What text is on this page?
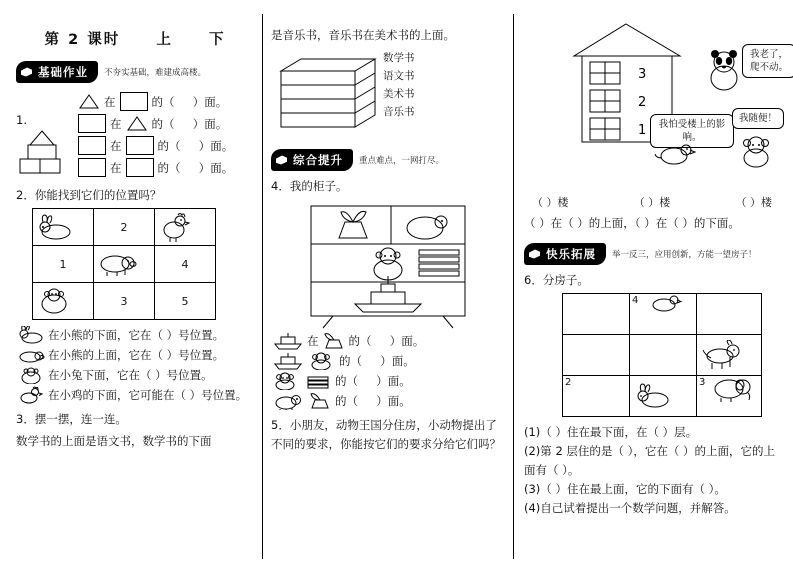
第 2 课时 上 下
基础作业	不夯实基础，难建成高楼。
1.
在	的（     ）面。
在	的（     ）面。
在	的（     ）面。
在	的（     ）面。
2．你能找到它们的位置吗？
	2	

1		4

	3	5
在小熊的下面，它在（ ）号位置。
在小熊的上面，它在（ ）号位置。
在小兔下面，它在（ ）号位置。
在小鸡的下面，它可能在（ ）号位置。
3．摆一摆，连一连。
数学书的上面是语文书，数学书的下面
是音乐书，音乐书在美术书的上面。
数学书
语文书
美术书
音乐书
综合提升	重点难点，一网打尽。
4．我的柜子。
在	的（     ）面。
的（     ）面。
的（     ）面。
的（     ）面。
5．小朋友，动物王国分住房，小动物提出了不同的要求，你能按它们的要求分给它们吗？
3
2
1
我老了，爬不动。
我怕受楼上的影响。
我随便！
（ ）楼	（ ）楼	（ ）楼
（ ）在（ ）的上面，（ ）在（ ）的下面。
快乐拓展	举一反三，应用创新，方能一望房子！
6．分房子。

	4	

2		3
(1)（ ）住在最下面，在（ ）层。
(2)第 2 层住的是（ ），它在（ ）的上面，它的上面有（ ）。
(3)（ ）住在最上面，它的下面有（ ）。
(4)自己试着提出一个数学问题，并解答。
